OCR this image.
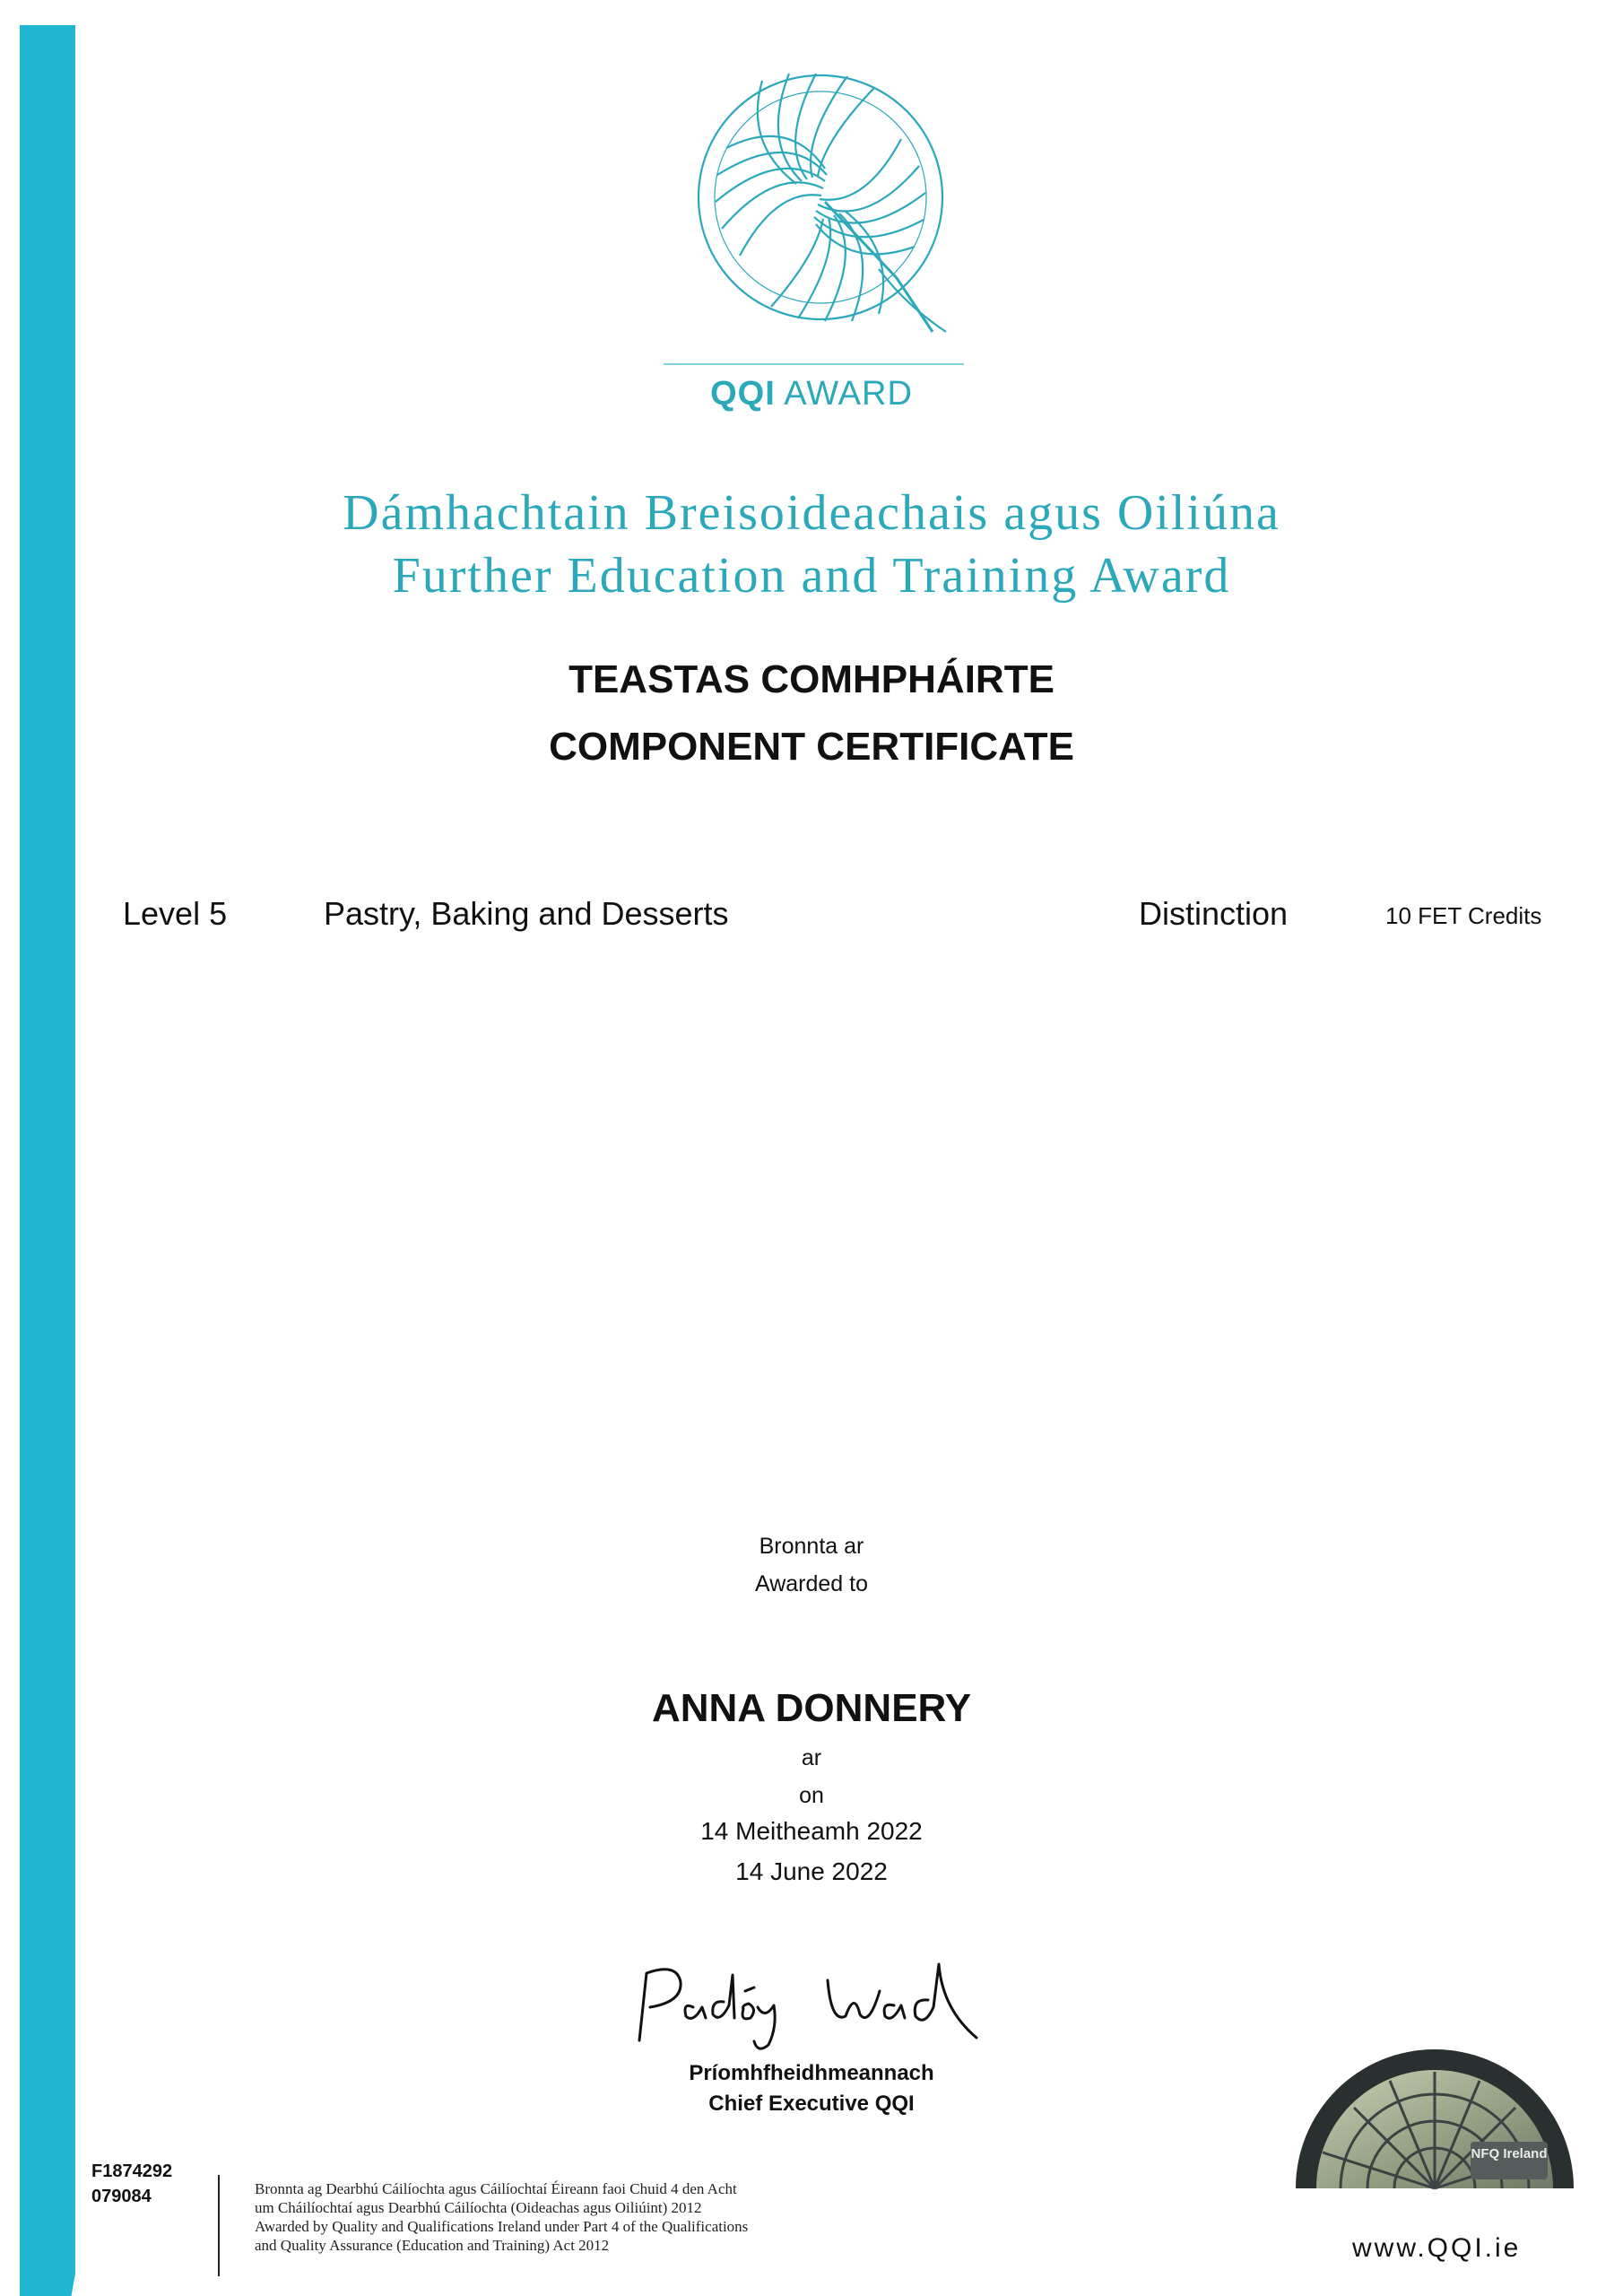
QQI AWARD
Dámhachtain Breisoideachais agus Oiliúna
Further Education and Training Award
TEASTAS COMHPHÁIRTE
COMPONENT CERTIFICATE
Level 5	Pastry, Baking and Desserts	Distinction	10 FET Credits
Bronnta ar
Awarded to
ANNA DONNERY
ar
on
14 Meitheamh 2022
14 June 2022
Príomhfheidhmeannach
Chief Executive QQI
F1874292
079084	Bronnta ag Dearbhú Cáilíochta agus Cáilíochtaí Éireann faoi Chuid 4 den Acht
um Cháilíochtaí agus Dearbhú Cáilíochta (Oideachas agus Oiliúint) 2012
Awarded by Quality and Qualifications Ireland under Part 4 of the Qualifications
and Quality Assurance (Education and Training) Act 2012
NFQ Ireland
www.QQI.ie
